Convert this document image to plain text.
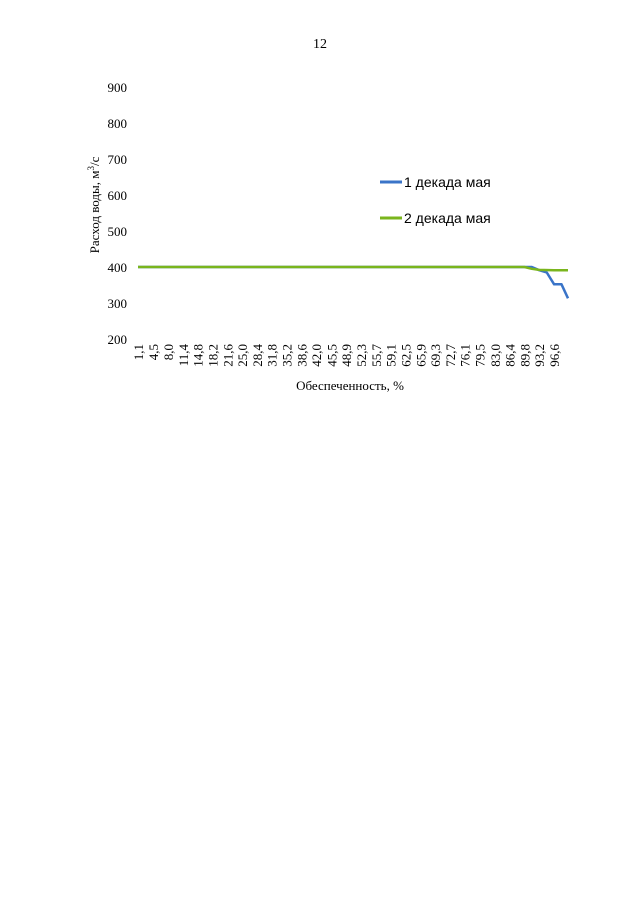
12
200
300
400
500
600
700
800
900
1,1 4,5 8,0 11,4 14,8 18,2 21,6 25,0 28,4 31,8 35,2 38,6 42,0 45,5 48,9 52,3 55,7 59,1 62,5 65,9 69,3 72,7 76,1 79,5 83,0 86,4 89,8 93,2 96,6
1 декада мая
2 декада мая
Обеспеченность, %
Расход воды, $м^3/с$
